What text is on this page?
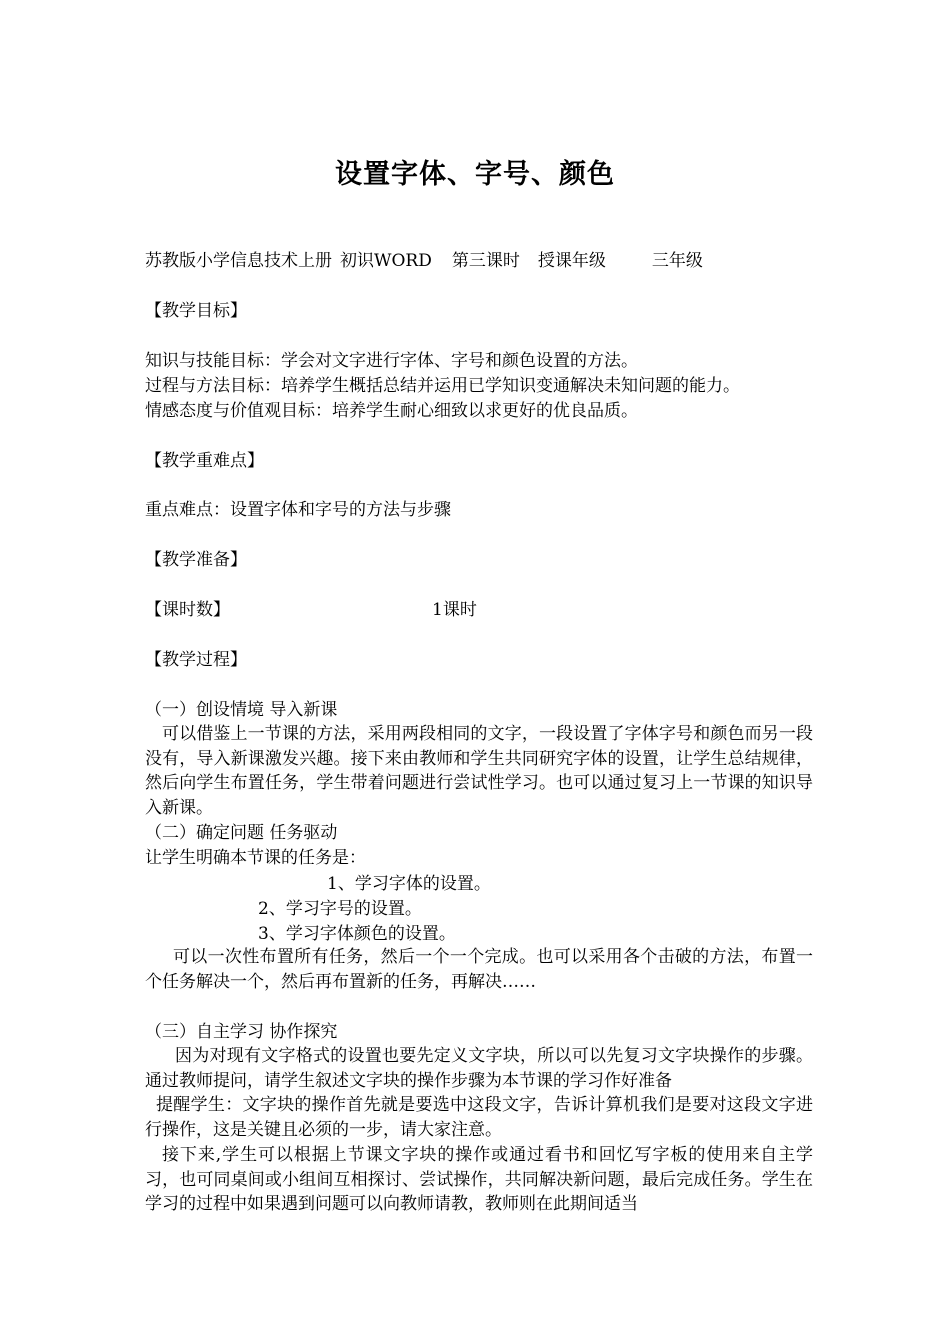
设置字体、字号、颜色
苏教版小学信息技术上册 初识WORD 第三课时 授课年级	三年级
【教学目标】
知识与技能目标：学会对文字进行字体、字号和颜色设置的方法。
过程与方法目标：培养学生概括总结并运用已学知识变通解决未知问题的能力。
情感态度与价值观目标：培养学生耐心细致以求更好的优良品质。
【教学重难点】
重点难点：设置字体和字号的方法与步骤
【教学准备】
【课时数】	1课时
【教学过程】
（一）创设情境 导入新课
可以借鉴上一节课的方法，采用两段相同的文字，一段设置了字体字号和颜色而另一段没有，导入新课激发兴趣。接下来由教师和学生共同研究字体的设置，让学生总结规律，然后向学生布置任务，学生带着问题进行尝试性学习。也可以通过复习上一节课的知识导入新课。
（二）确定问题 任务驱动
让学生明确本节课的任务是：
1、学习字体的设置。
2、学习字号的设置。
3、学习字体颜色的设置。
可以一次性布置所有任务，然后一个一个完成。也可以采用各个击破的方法，布置一个任务解决一个，然后再布置新的任务，再解决……
（三）自主学习 协作探究
因为对现有文字格式的设置也要先定义文字块，所以可以先复习文字块操作的步骤。通过教师提问，请学生叙述文字块的操作步骤为本节课的学习作好准备
提醒学生：文字块的操作首先就是要选中这段文字，告诉计算机我们是要对这段文字进行操作，这是关键且必须的一步，请大家注意。
接下来,学生可以根据上节课文字块的操作或通过看书和回忆写字板的使用来自主学习，也可同桌间或小组间互相探讨、尝试操作，共同解决新问题，最后完成任务。学生在学习的过程中如果遇到问题可以向教师请教，教师则在此期间适当
